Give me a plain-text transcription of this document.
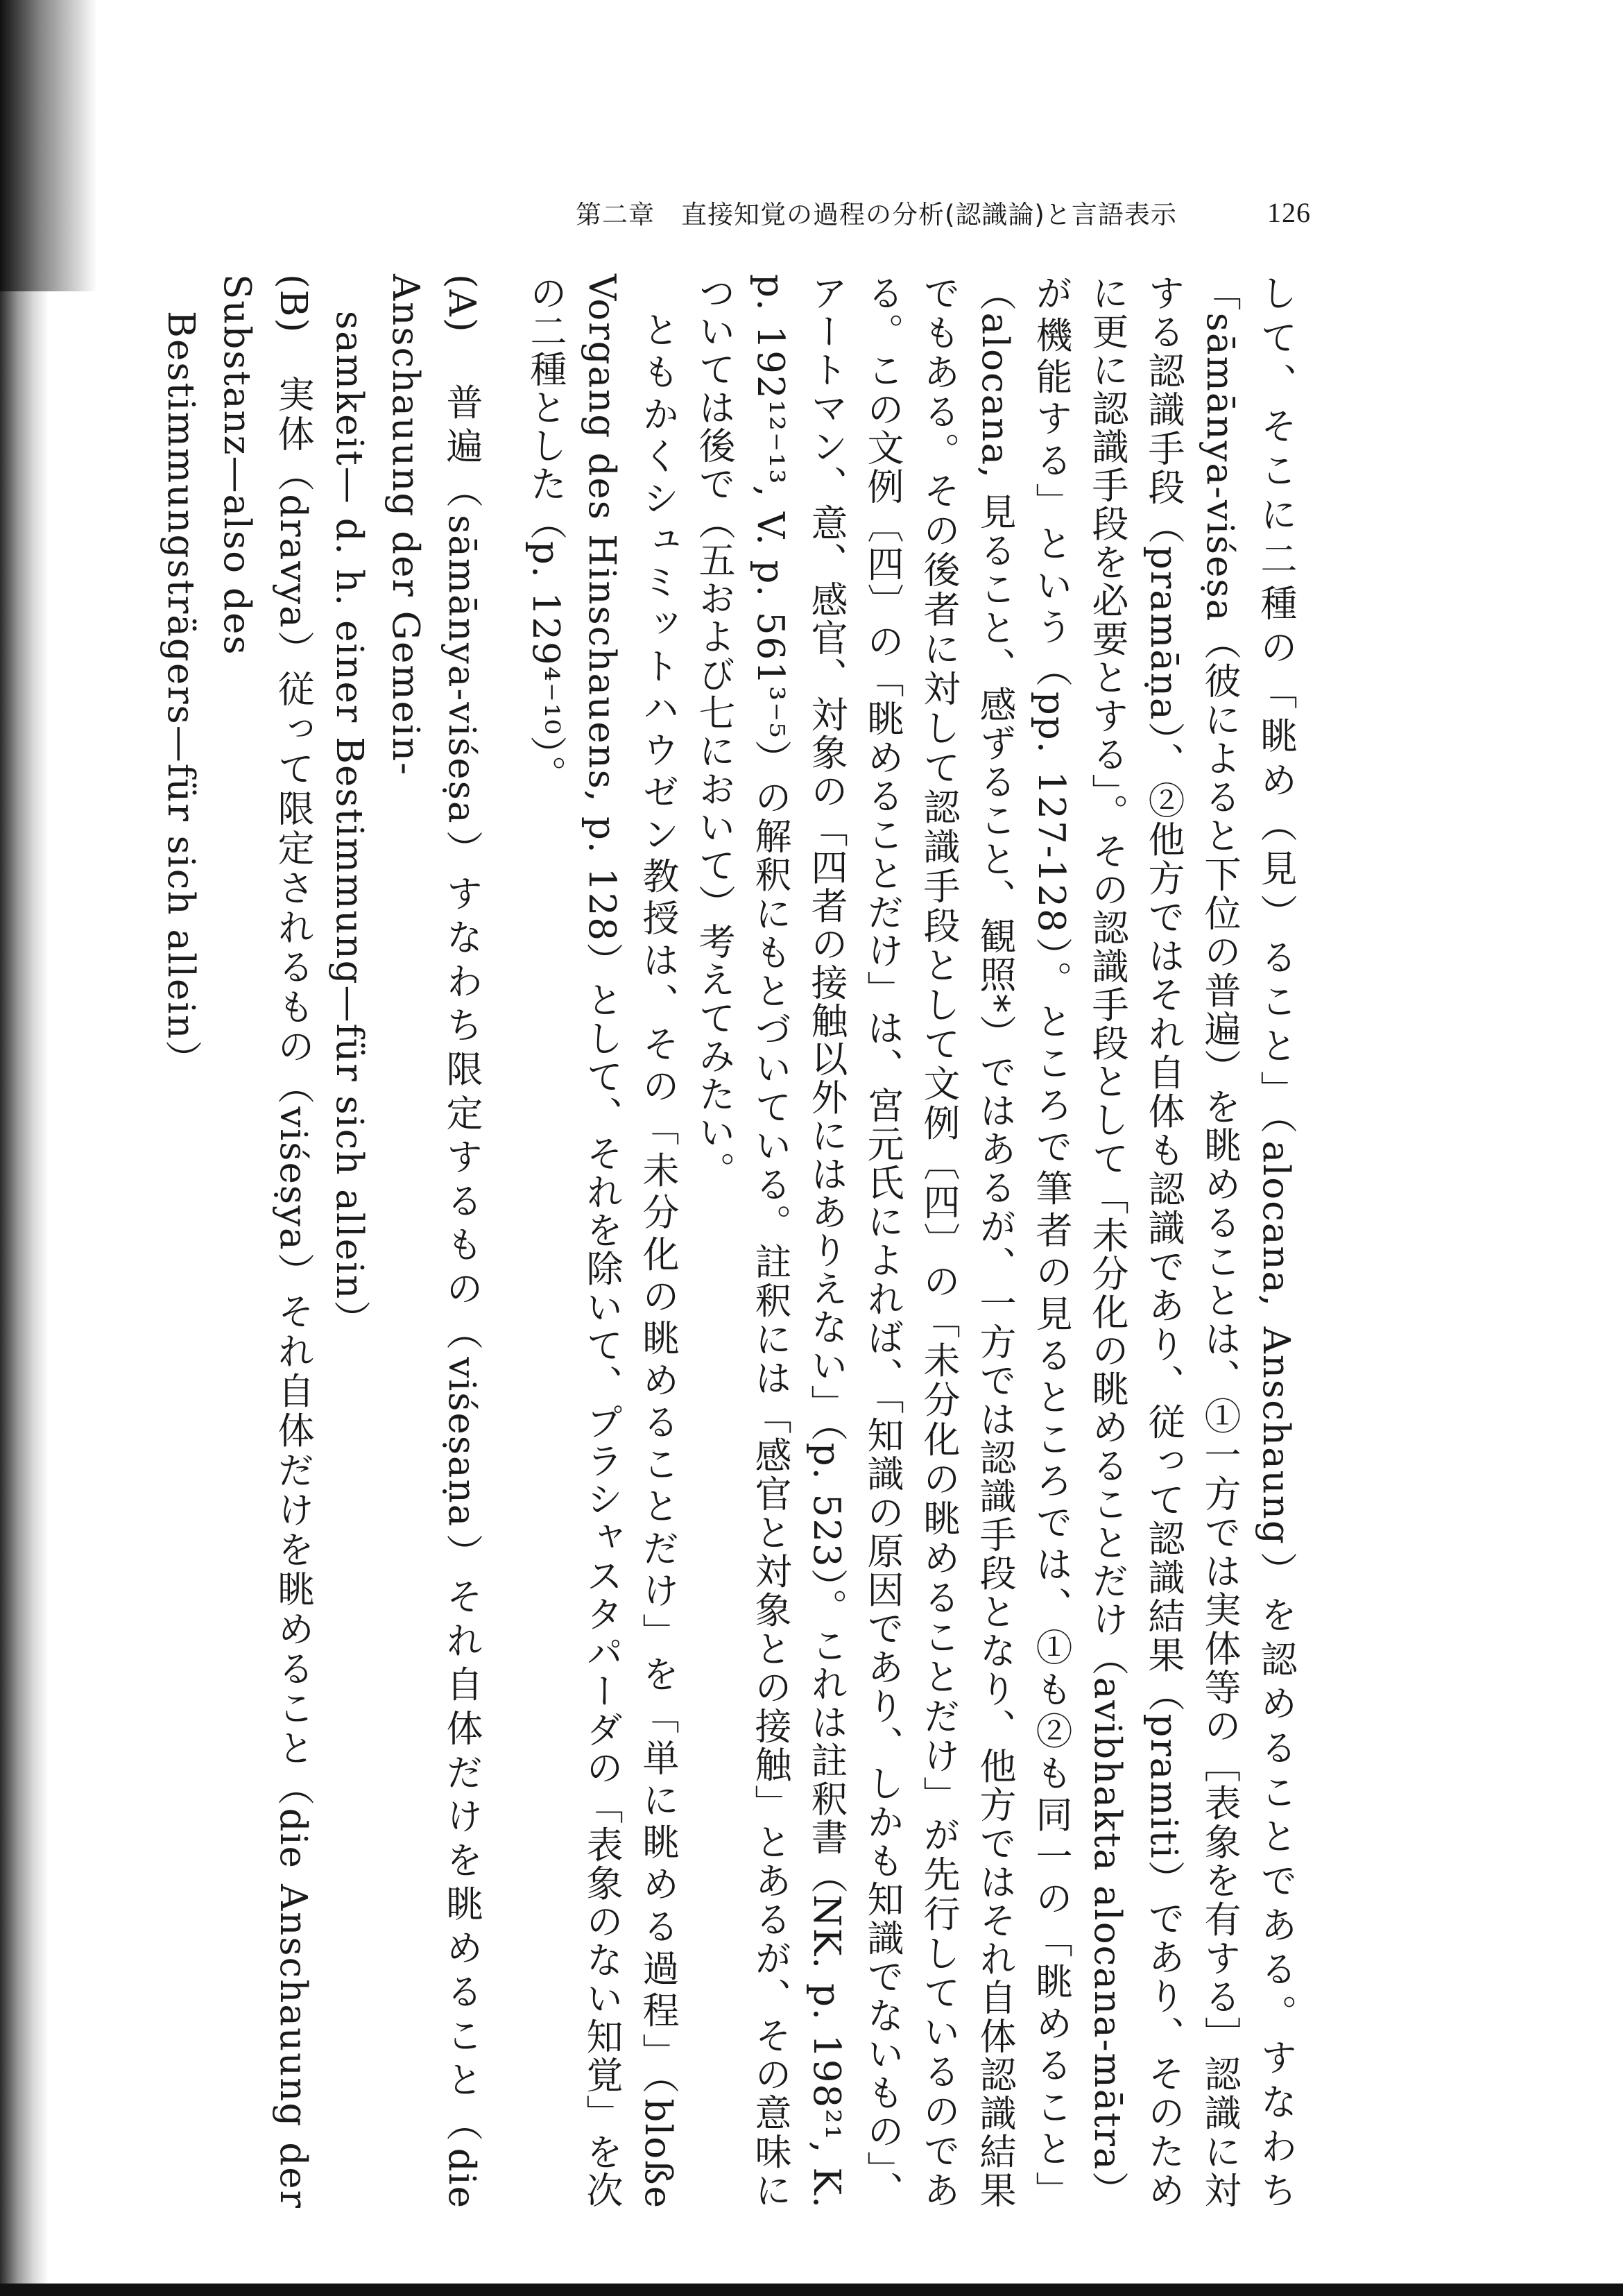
第二章　直接知覚の過程の分析(認識論)と言語表示	126

して、そこに二種の「眺め（見）ること」（alocana, Anschaung）を認めることである。すなわち「sāmānya-viśeṣa（彼によると下位の普遍）を眺めることは、①一方では実体等の［表象を有する］認識に対する認識手段（pramāṇa）、②他方ではそれ自体も認識であり、従って認識結果（pramiti）であり、そのために更に認識手段を必要とする」。その認識手段として「未分化の眺めることだけ（avibhakta alocana-mātra）が機能する」という（pp. 127-128）。ところで筆者の見るところでは、①も②も同一の「眺めること」（alocana, 見ること、感ずること、観照*）ではあるが、一方では認識手段となり、他方ではそれ自体認識結果でもある。その後者に対して認識手段として文例〔四〕の「未分化の眺めることだけ」が先行しているのである。この文例〔四〕の「眺めることだけ」は、宮元氏によれば、「知識の原因であり、しかも知識でないもの」、アートマン、意、感官、対象の「四者の接触以外にはありえない」（p. 523）。これは註釈書（NK. p. 198²¹, K. p. 192¹²⁻¹³, V. p. 561³⁻⁵）の解釈にもとづいている。註釈には「感官と対象との接触」とあるが、その意味については後で（五および七において）考えてみたい。

ともかくシュミットハウゼン教授は、その「未分化の眺めることだけ」を「単に眺める過程」（bloße Vorgang des Hinschauens, p. 128）として、それを除いて、プラシャスタパーダの「表象のない知覚」を次の二種とした（p. 129⁴⁻¹⁰）。

(A)　普遍（sāmānya-viśeṣa）すなわち限定するもの（viśeṣaṇa）それ自体だけを眺めること（die Anschauung der Gemein-

samkeit— d. h. einer Bestimmung—für sich allein）

(B)　実体（dravya）従って限定されるもの（viśeṣya）それ自体だけを眺めること（die Anschauung der Substanz—also des

Bestimmungsträgers—für sich allein）
